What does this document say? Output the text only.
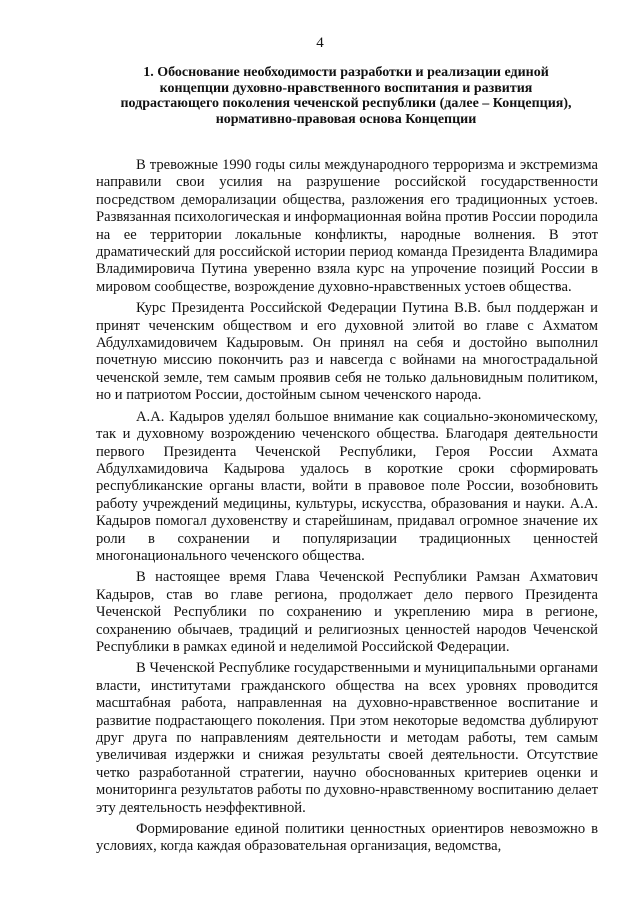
4
1. Обоснование необходимости разработки и реализации единой
концепции духовно-нравственного воспитания и развития
подрастающего поколения чеченской республики (далее – Концепция),
нормативно-правовая основа Концепции

В тревожные 1990 годы силы международного терроризма и экстремизма направили свои усилия на разрушение российской государственности посредством деморализации общества, разложения его традиционных устоев. Развязанная психологическая и информационная война против России породила на ее территории локальные конфликты, народные волнения. В этот драматический для российской истории период команда Президента Владимира Владимировича Путина уверенно взяла курс на упрочение позиций России в мировом сообществе, возрождение духовно-нравственных устоев общества.

Курс Президента Российской Федерации Путина В.В. был поддержан и принят чеченским обществом и его духовной элитой во главе с Ахматом Абдулхамидовичем Кадыровым. Он принял на себя и достойно выполнил почетную миссию покончить раз и навсегда с войнами на многострадальной чеченской земле, тем самым проявив себя не только дальновидным политиком, но и патриотом России, достойным сыном чеченского народа.

А.А. Кадыров уделял большое внимание как социально-экономическому, так и духовному возрождению чеченского общества. Благодаря деятельности первого Президента Чеченской Республики, Героя России Ахмата Абдулхамидовича Кадырова удалось в короткие сроки сформировать республиканские органы власти, войти в правовое поле России, возобновить работу учреждений медицины, культуры, искусства, образования и науки. А.А. Кадыров помогал духовенству и старейшинам, придавал огромное значение их роли в сохранении и популяризации традиционных ценностей многонационального чеченского общества.

В настоящее время Глава Чеченской Республики Рамзан Ахматович Кадыров, став во главе региона, продолжает дело первого Президента Чеченской Республики по сохранению и укреплению мира в регионе, сохранению обычаев, традиций и религиозных ценностей народов Чеченской Республики в рамках единой и неделимой Российской Федерации.

В Чеченской Республике государственными и муниципальными органами власти, институтами гражданского общества на всех уровнях проводится масштабная работа, направленная на духовно-нравственное воспитание и развитие подрастающего поколения. При этом некоторые ведомства дублируют друг друга по направлениям деятельности и методам работы, тем самым увеличивая издержки и снижая результаты своей деятельности. Отсутствие четко разработанной стратегии, научно обоснованных критериев оценки и мониторинга результатов работы по духовно-нравственному воспитанию делает эту деятельность неэффективной.

Формирование единой политики ценностных ориентиров невозможно в условиях, когда каждая образовательная организация, ведомства,
